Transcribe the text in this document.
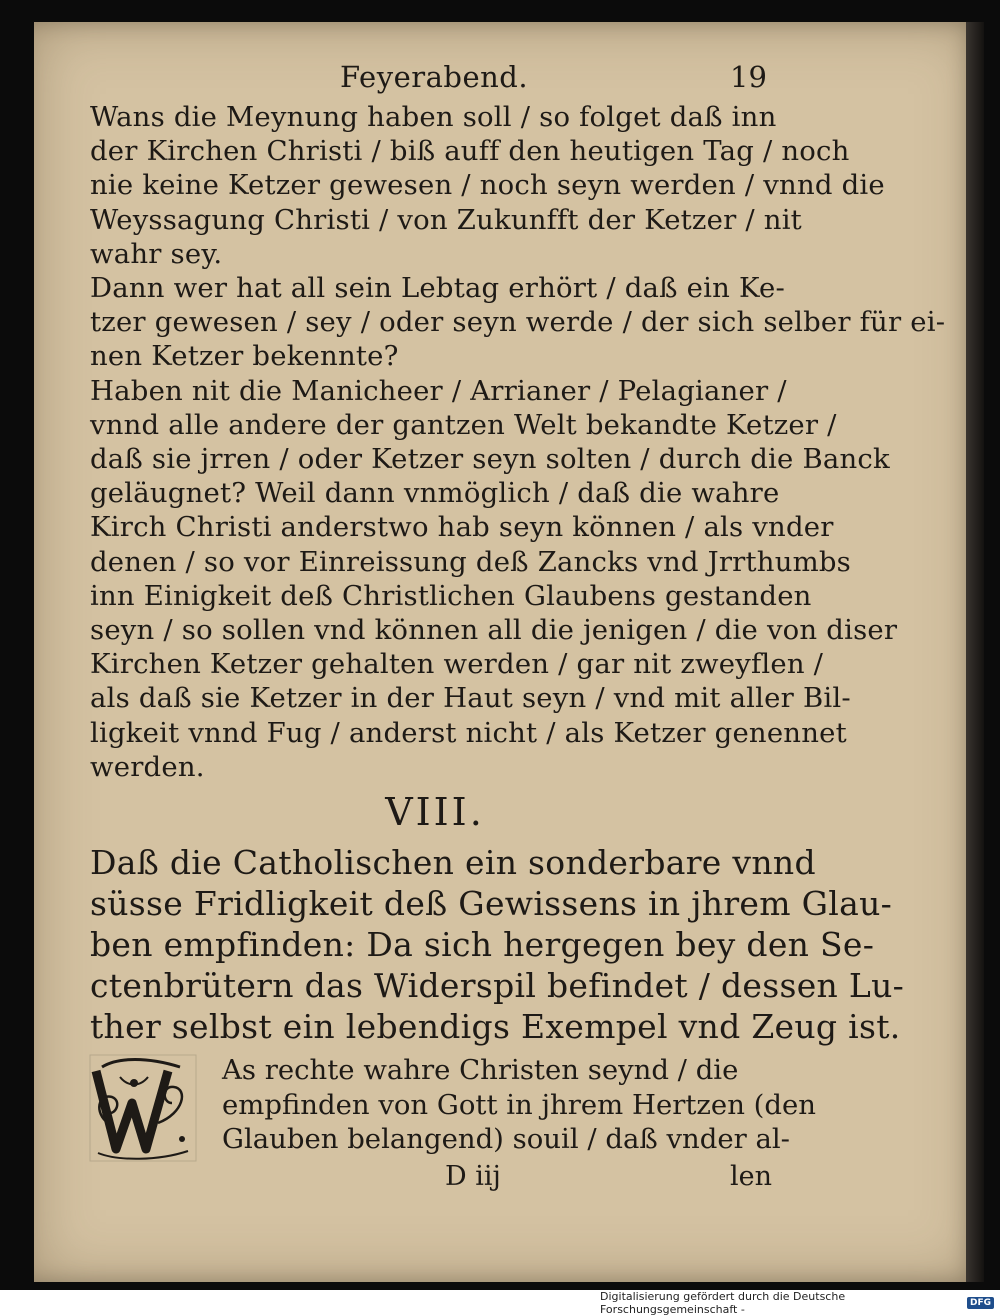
Feyerabend.	19
Wans die Meynung haben soll / so folget daß inn
der Kirchen Christi / biß auff den heutigen Tag / noch
nie keine Ketzer gewesen / noch seyn werden / vnnd die
Weyssagung Christi / von Zukunfft der Ketzer / nit
wahr sey.
Dann wer hat all sein Lebtag erhört / daß ein Ke-
tzer gewesen / sey / oder seyn werde / der sich selber für ei-
nen Ketzer bekennte?
Haben nit die Manicheer / Arrianer / Pelagianer /
vnnd alle andere der gantzen Welt bekandte Ketzer /
daß sie jrren / oder Ketzer seyn solten / durch die Banck
geläugnet? Weil dann vnmöglich / daß die wahre
Kirch Christi anderstwo hab seyn können / als vnder
denen / so vor Einreissung deß Zancks vnd Jrrthumbs
inn Einigkeit deß Christlichen Glaubens gestanden
seyn / so sollen vnd können all die jenigen / die von diser
Kirchen Ketzer gehalten werden / gar nit zweyflen /
als daß sie Ketzer in der Haut seyn / vnd mit aller Bil-
ligkeit vnnd Fug / anderst nicht / als Ketzer genennet
werden.
VIII.
Daß die Catholischen ein sonderbare vnnd
süsse Fridligkeit deß Gewissens in jhrem Glau-
ben empfinden: Da sich hergegen bey den Se-
ctenbrütern das Widerspil befindet / dessen Lu-
ther selbst ein lebendigs Exempel vnd Zeug ist.
As rechte wahre Christen seynd / die
empfinden von Gott in jhrem Hertzen (den
Glauben belangend) souil / daß vnder al-
D iij	len
Digitalisierung gefördert durch die Deutsche Forschungsgemeinschaft -	DFG
